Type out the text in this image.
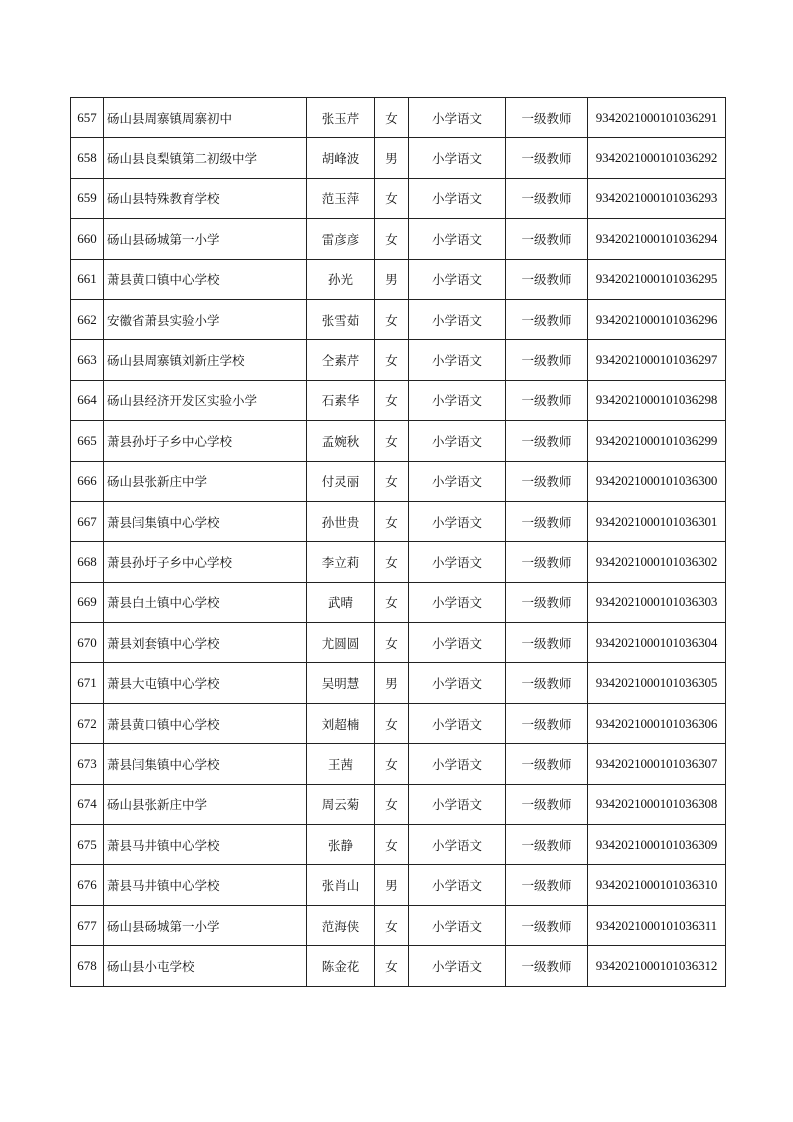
657	砀山县周寨镇周寨初中	张玉芹	女	小学语文	一级教师	9342021000101036291
658	砀山县良梨镇第二初级中学	胡峰波	男	小学语文	一级教师	9342021000101036292
659	砀山县特殊教育学校	范玉萍	女	小学语文	一级教师	9342021000101036293
660	砀山县砀城第一小学	雷彦彦	女	小学语文	一级教师	9342021000101036294
661	萧县黄口镇中心学校	孙光	男	小学语文	一级教师	9342021000101036295
662	安徽省萧县实验小学	张雪茹	女	小学语文	一级教师	9342021000101036296
663	砀山县周寨镇刘新庄学校	仝素芹	女	小学语文	一级教师	9342021000101036297
664	砀山县经济开发区实验小学	石素华	女	小学语文	一级教师	9342021000101036298
665	萧县孙圩子乡中心学校	孟婉秋	女	小学语文	一级教师	9342021000101036299
666	砀山县张新庄中学	付灵丽	女	小学语文	一级教师	9342021000101036300
667	萧县闫集镇中心学校	孙世贵	女	小学语文	一级教师	9342021000101036301
668	萧县孙圩子乡中心学校	李立莉	女	小学语文	一级教师	9342021000101036302
669	萧县白土镇中心学校	武晴	女	小学语文	一级教师	9342021000101036303
670	萧县刘套镇中心学校	尤圆圆	女	小学语文	一级教师	9342021000101036304
671	萧县大屯镇中心学校	吴明慧	男	小学语文	一级教师	9342021000101036305
672	萧县黄口镇中心学校	刘超楠	女	小学语文	一级教师	9342021000101036306
673	萧县闫集镇中心学校	王茜	女	小学语文	一级教师	9342021000101036307
674	砀山县张新庄中学	周云菊	女	小学语文	一级教师	9342021000101036308
675	萧县马井镇中心学校	张静	女	小学语文	一级教师	9342021000101036309
676	萧县马井镇中心学校	张肖山	男	小学语文	一级教师	9342021000101036310
677	砀山县砀城第一小学	范海侠	女	小学语文	一级教师	9342021000101036311
678	砀山县小屯学校	陈金花	女	小学语文	一级教师	9342021000101036312
